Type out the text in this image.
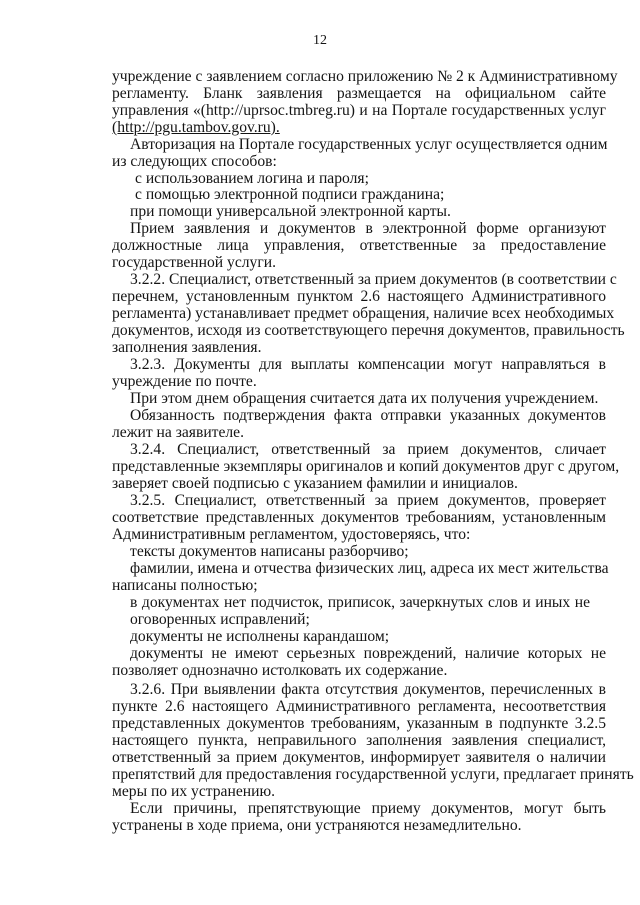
12
учреждение с заявлением согласно приложению № 2 к Административному
регламенту. Бланк заявления размещается на официальном сайте
управления «(http://uprsoc.tmbreg.ru) и на Портале государственных услуг
(http://pgu.tambov.gov.ru).
Авторизация на Портале государственных услуг осуществляется одним
из следующих способов:
с использованием логина и пароля;
с помощью электронной подписи гражданина;
при помощи универсальной электронной карты.
Прием заявления и документов в электронной форме организуют
должностные лица управления, ответственные за предоставление
государственной услуги.
3.2.2. Специалист, ответственный за прием документов (в соответствии с
перечнем, установленным пунктом 2.6 настоящего Административного
регламента) устанавливает предмет обращения, наличие всех необходимых
документов, исходя из соответствующего перечня документов, правильность
заполнения заявления.
3.2.3. Документы для выплаты компенсации могут направляться в
учреждение по почте.
При этом днем обращения считается дата их получения учреждением.
Обязанность подтверждения факта отправки указанных документов
лежит на заявителе.
3.2.4. Специалист, ответственный за прием документов, сличает
представленные экземпляры оригиналов и копий документов друг с другом,
заверяет своей подписью с указанием фамилии и инициалов.
3.2.5. Специалист, ответственный за прием документов, проверяет
соответствие представленных документов требованиям, установленным
Административным регламентом, удостоверяясь, что:
тексты документов написаны разборчиво;
фамилии, имена и отчества физических лиц, адреса их мест жительства
написаны полностью;
в документах нет подчисток, приписок, зачеркнутых слов и иных не
оговоренных исправлений;
документы не исполнены карандашом;
документы не имеют серьезных повреждений, наличие которых не
позволяет однозначно истолковать их содержание.
3.2.6. При выявлении факта отсутствия документов, перечисленных в
пункте 2.6 настоящего Административного регламента, несоответствия
представленных документов требованиям, указанным в подпункте 3.2.5
настоящего пункта, неправильного заполнения заявления специалист,
ответственный за прием документов, информирует заявителя о наличии
препятствий для предоставления государственной услуги, предлагает принять
меры по их устранению.
Если причины, препятствующие приему документов, могут быть
устранены в ходе приема, они устраняются незамедлительно.
